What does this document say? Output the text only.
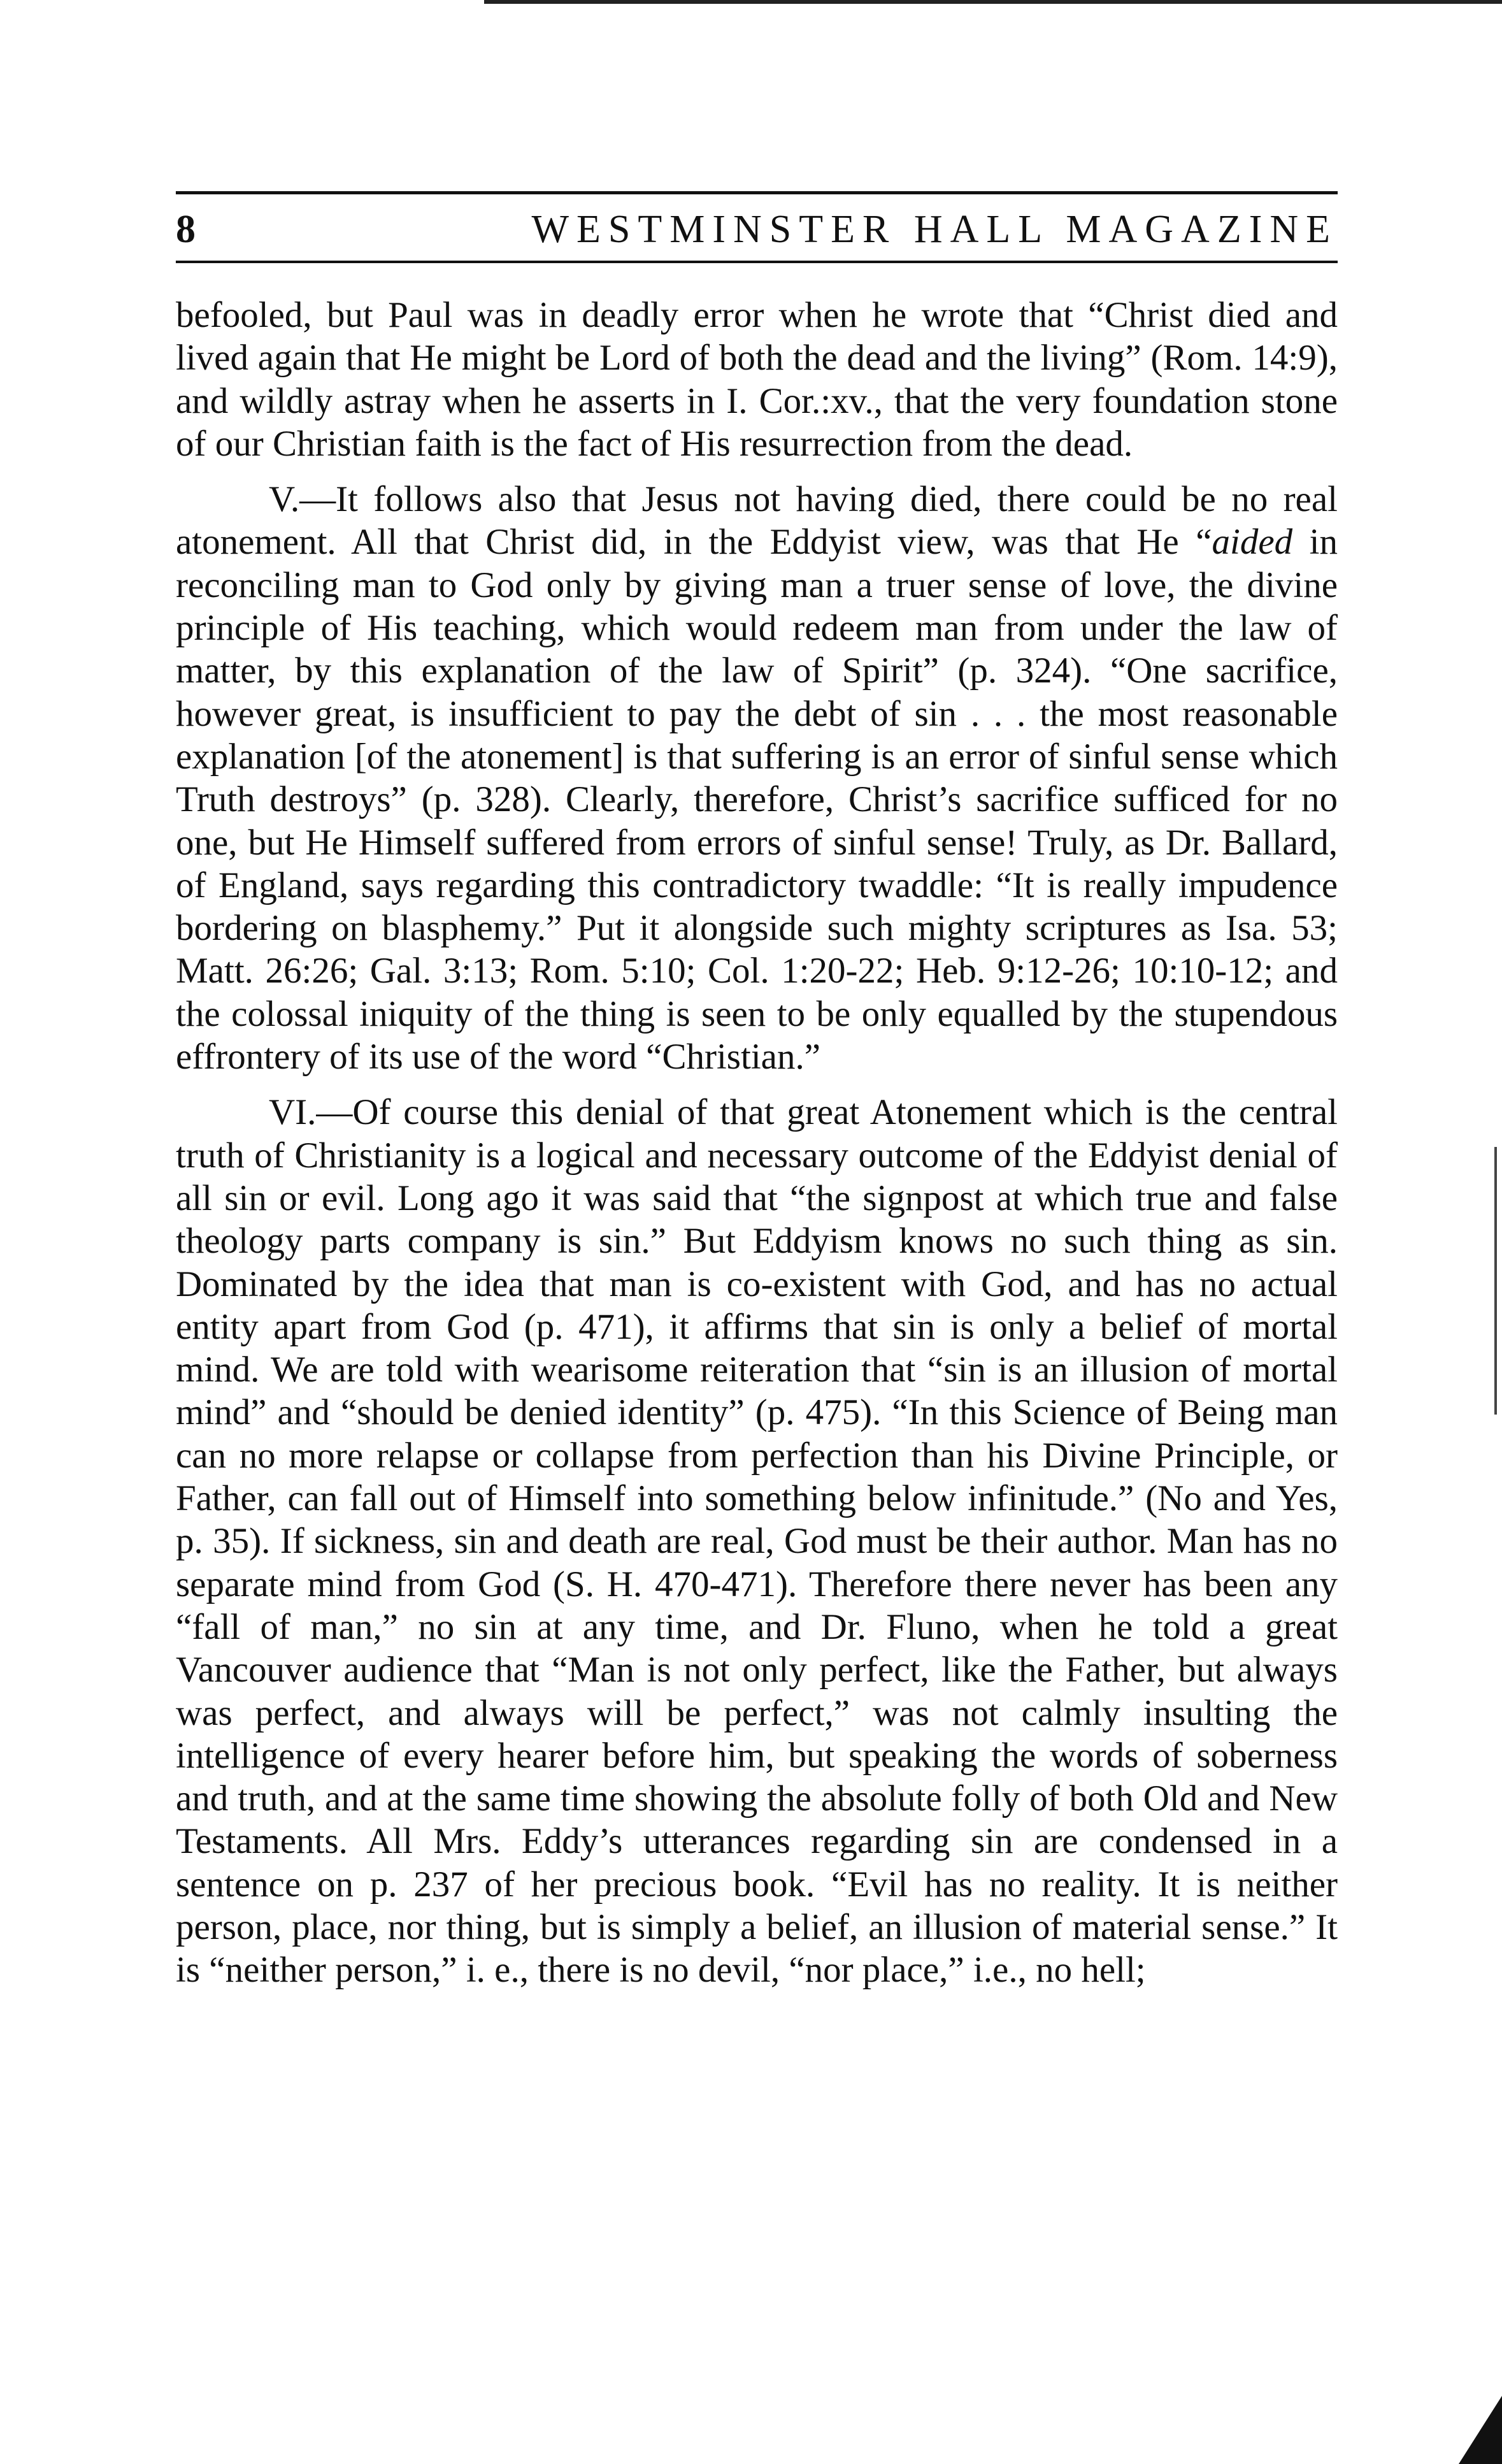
8	WESTMINSTER HALL MAGAZINE

befooled, but Paul was in deadly error when he wrote that “Christ died and lived again that He might be Lord of both the dead and the living” (Rom. 14:9), and wildly astray when he asserts in I. Cor.:xv., that the very foundation stone of our Christian faith is the fact of His resurrection from the dead.

V.—It follows also that Jesus not having died, there could be no real atonement. All that Christ did, in the Eddyist view, was that He “aided in reconciling man to God only by giving man a truer sense of love, the divine principle of His teaching, which would redeem man from under the law of matter, by this explanation of the law of Spirit” (p. 324). “One sacrifice, however great, is insufficient to pay the debt of sin . . . the most reasonable explanation [of the atonement] is that suffering is an error of sinful sense which Truth destroys” (p. 328). Clearly, therefore, Christ’s sacrifice sufficed for no one, but He Himself suffered from errors of sinful sense! Truly, as Dr. Ballard, of England, says regarding this contradictory twaddle: “It is really impudence bordering on blasphemy.” Put it alongside such mighty scriptures as Isa. 53; Matt. 26:26; Gal. 3:13; Rom. 5:10; Col. 1:20-22; Heb. 9:12-26; 10:10-12; and the colossal iniquity of the thing is seen to be only equalled by the stupendous effrontery of its use of the word “Christian.”

VI.—Of course this denial of that great Atonement which is the central truth of Christianity is a logical and necessary outcome of the Eddyist denial of all sin or evil. Long ago it was said that “the signpost at which true and false theology parts company is sin.” But Eddyism knows no such thing as sin. Dominated by the idea that man is co-existent with God, and has no actual entity apart from God (p. 471), it affirms that sin is only a belief of mortal mind. We are told with wearisome reiteration that “sin is an illusion of mortal mind” and “should be denied identity” (p. 475). “In this Science of Being man can no more relapse or collapse from perfection than his Divine Principle, or Father, can fall out of Himself into something below infinitude.” (No and Yes, p. 35). If sickness, sin and death are real, God must be their author. Man has no separate mind from God (S. H. 470-471). Therefore there never has been any “fall of man,” no sin at any time, and Dr. Fluno, when he told a great Vancouver audience that “Man is not only perfect, like the Father, but always was perfect, and always will be perfect,” was not calmly insulting the intelligence of every hearer before him, but speaking the words of soberness and truth, and at the same time showing the absolute folly of both Old and New Testaments. All Mrs. Eddy’s utterances regarding sin are condensed in a sentence on p. 237 of her precious book. “Evil has no reality. It is neither person, place, nor thing, but is simply a belief, an illusion of material sense.” It is “neither person,” i. e., there is no devil, “nor place,” i.e., no hell;
